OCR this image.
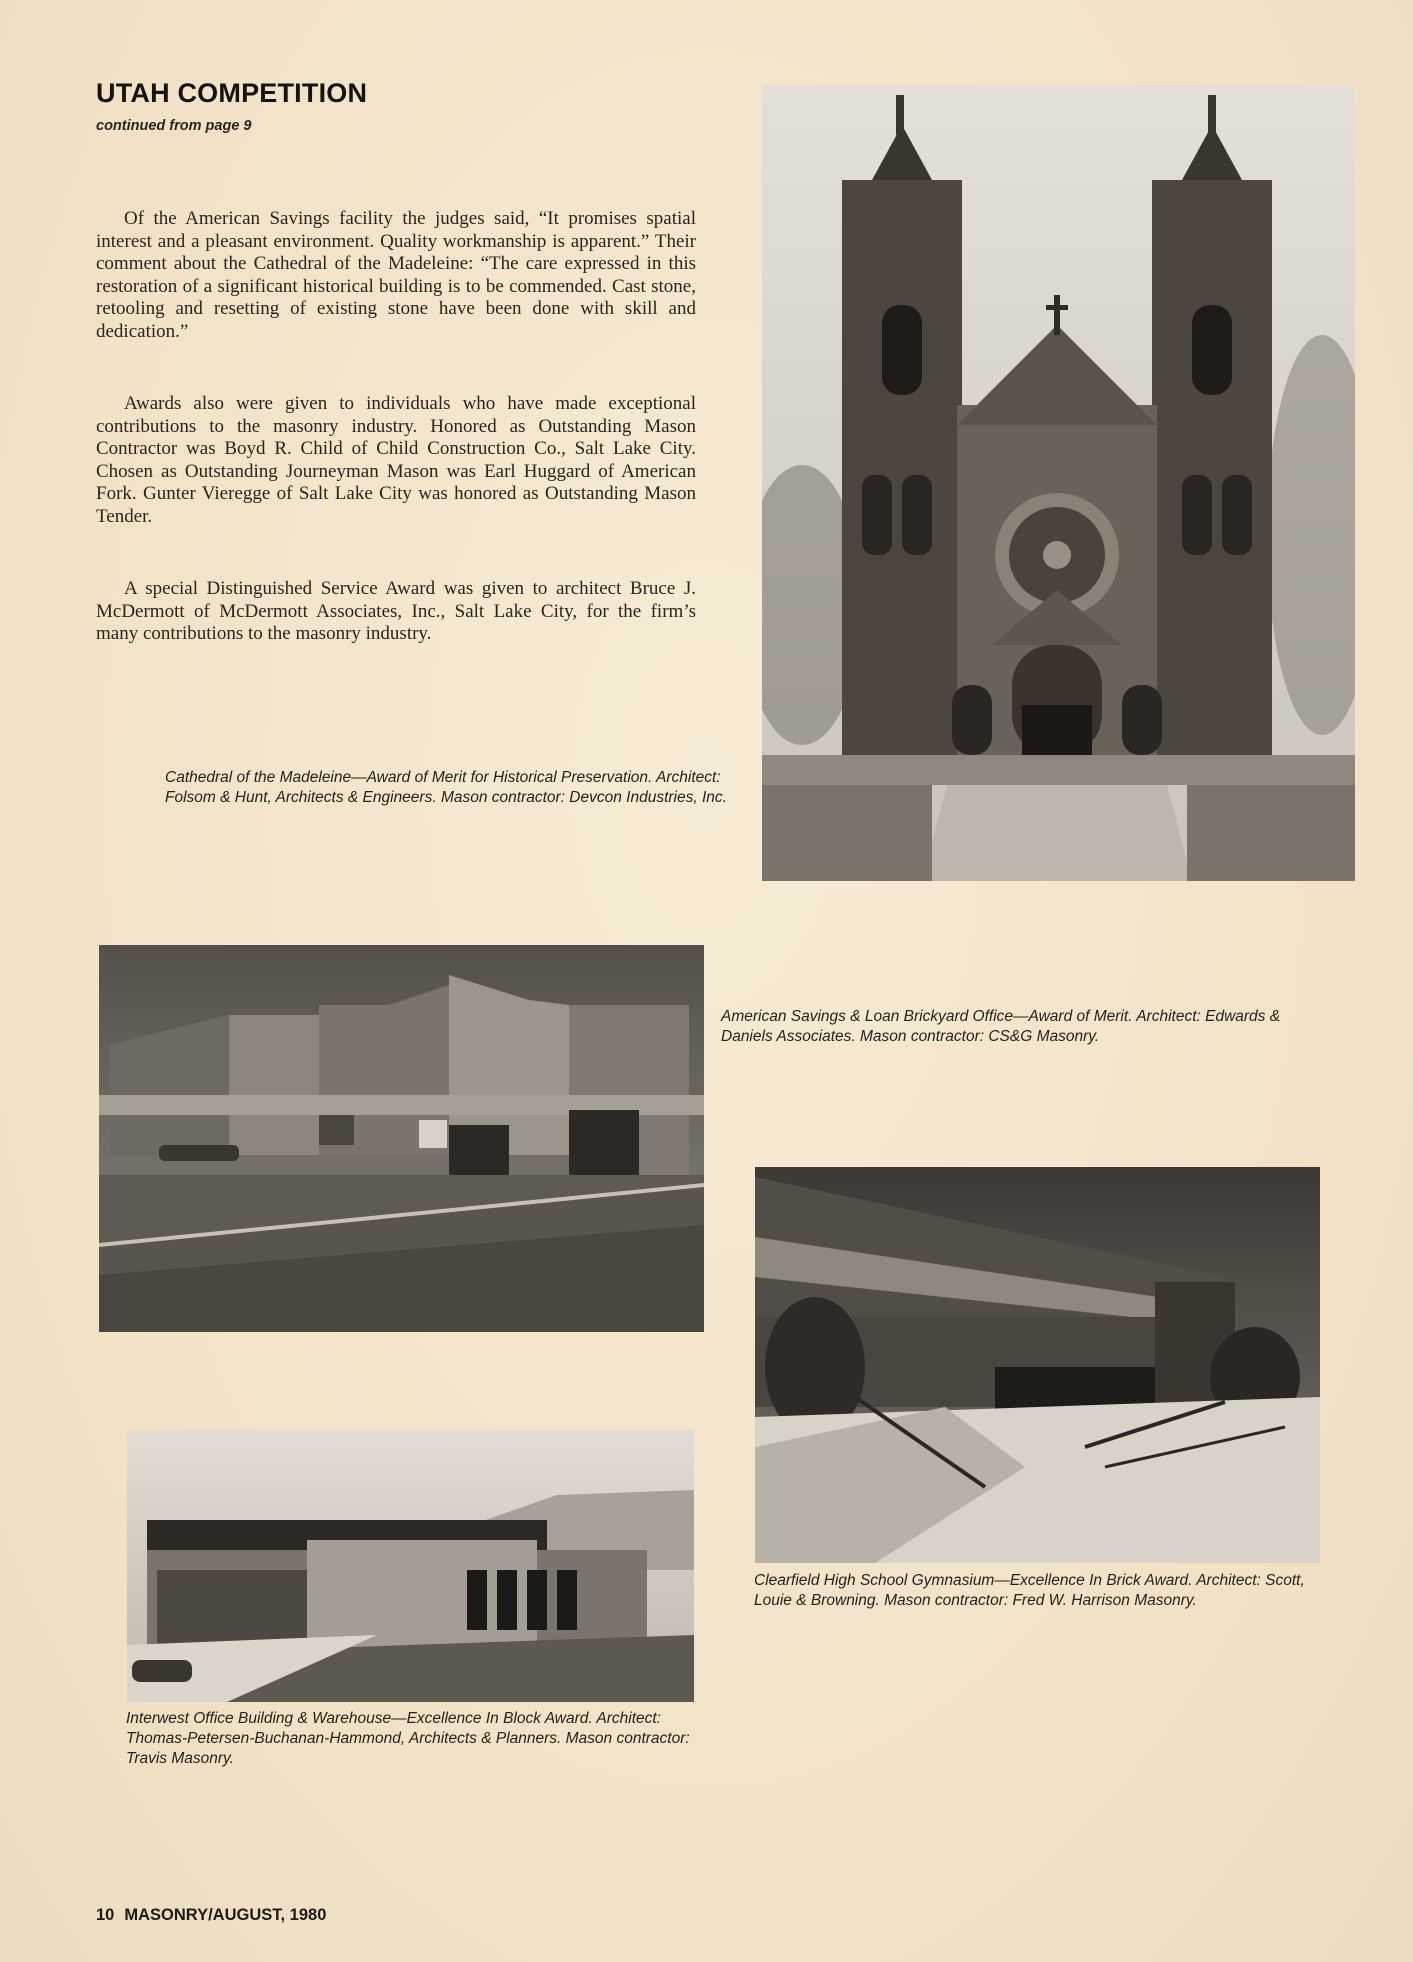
UTAH COMPETITION
continued from page 9

Of the American Savings facility the judges said, “It promises spatial interest and a pleasant environment. Quality workmanship is apparent.” Their comment about the Cathedral of the Madeleine: “The care expressed in this restoration of a significant historical building is to be commended. Cast stone, retooling and resetting of existing stone have been done with skill and dedication.”

Awards also were given to individuals who have made exceptional contributions to the masonry industry. Honored as Outstanding Mason Contractor was Boyd R. Child of Child Construction Co., Salt Lake City. Chosen as Outstanding Journeyman Mason was Earl Huggard of American Fork. Gunter Vieregge of Salt Lake City was honored as Outstanding Mason Tender.

A special Distinguished Service Award was given to architect Bruce J. McDermott of McDermott Associates, Inc., Salt Lake City, for the firm’s many contributions to the masonry industry.

Cathedral of the Madeleine—Award of Merit for Historical Preservation. Architect: Folsom & Hunt, Architects & Engineers. Mason contractor: Devcon Industries, Inc.

American Savings & Loan Brickyard Office—Award of Merit. Architect: Edwards & Daniels Associates. Mason contractor: CS&G Masonry.

Clearfield High School Gymnasium—Excellence In Brick Award. Architect: Scott, Louie & Browning. Mason contractor: Fred W. Harrison Masonry.

Interwest Office Building & Warehouse—Excellence In Block Award. Architect: Thomas-Petersen-Buchanan-Hammond, Architects & Planners. Mason contractor: Travis Masonry.

10 MASONRY/AUGUST, 1980
